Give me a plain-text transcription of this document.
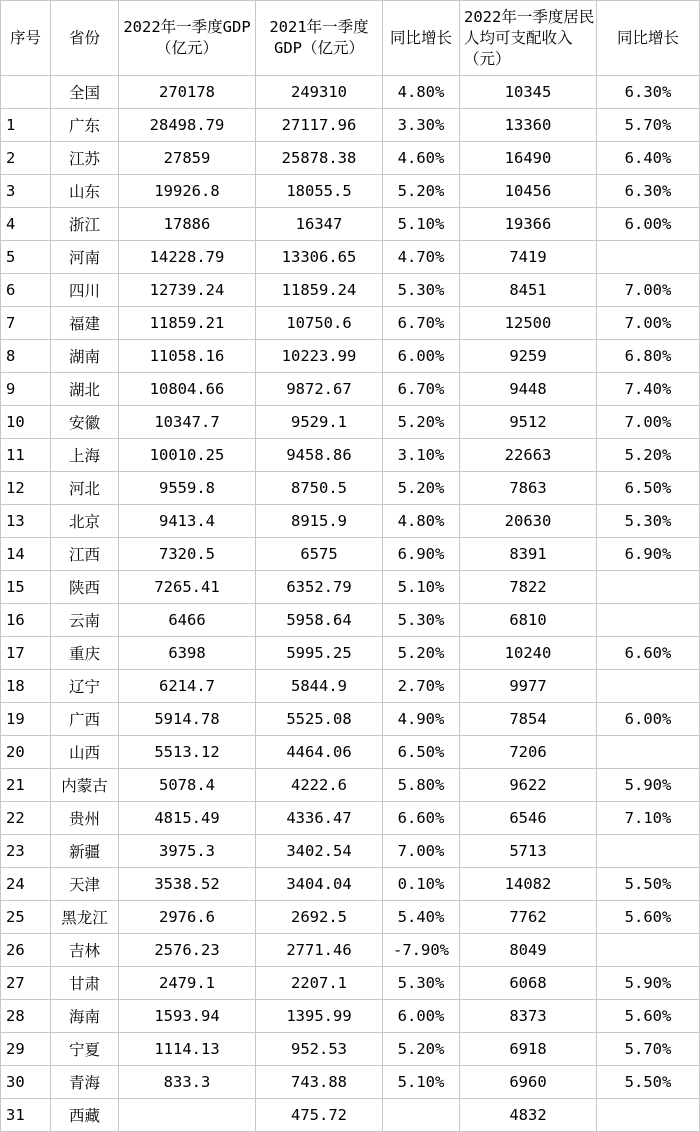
序号	省份	2022年一季度GDP（亿元）	2021年一季度GDP（亿元）	同比增长	2022年一季度居民人均可支配收入（元）	同比增长
	全国	270178	249310	4.80%	10345	6.30%
1	广东	28498.79	27117.96	3.30%	13360	5.70%
2	江苏	27859	25878.38	4.60%	16490	6.40%
3	山东	19926.8	18055.5	5.20%	10456	6.30%
4	浙江	17886	16347	5.10%	19366	6.00%
5	河南	14228.79	13306.65	4.70%	7419	
6	四川	12739.24	11859.24	5.30%	8451	7.00%
7	福建	11859.21	10750.6	6.70%	12500	7.00%
8	湖南	11058.16	10223.99	6.00%	9259	6.80%
9	湖北	10804.66	9872.67	6.70%	9448	7.40%
10	安徽	10347.7	9529.1	5.20%	9512	7.00%
11	上海	10010.25	9458.86	3.10%	22663	5.20%
12	河北	9559.8	8750.5	5.20%	7863	6.50%
13	北京	9413.4	8915.9	4.80%	20630	5.30%
14	江西	7320.5	6575	6.90%	8391	6.90%
15	陕西	7265.41	6352.79	5.10%	7822	
16	云南	6466	5958.64	5.30%	6810	
17	重庆	6398	5995.25	5.20%	10240	6.60%
18	辽宁	6214.7	5844.9	2.70%	9977	
19	广西	5914.78	5525.08	4.90%	7854	6.00%
20	山西	5513.12	4464.06	6.50%	7206	
21	内蒙古	5078.4	4222.6	5.80%	9622	5.90%
22	贵州	4815.49	4336.47	6.60%	6546	7.10%
23	新疆	3975.3	3402.54	7.00%	5713	
24	天津	3538.52	3404.04	0.10%	14082	5.50%
25	黑龙江	2976.6	2692.5	5.40%	7762	5.60%
26	吉林	2576.23	2771.46	-7.90%	8049	
27	甘肃	2479.1	2207.1	5.30%	6068	5.90%
28	海南	1593.94	1395.99	6.00%	8373	5.60%
29	宁夏	1114.13	952.53	5.20%	6918	5.70%
30	青海	833.3	743.88	5.10%	6960	5.50%
31	西藏		475.72		4832	
